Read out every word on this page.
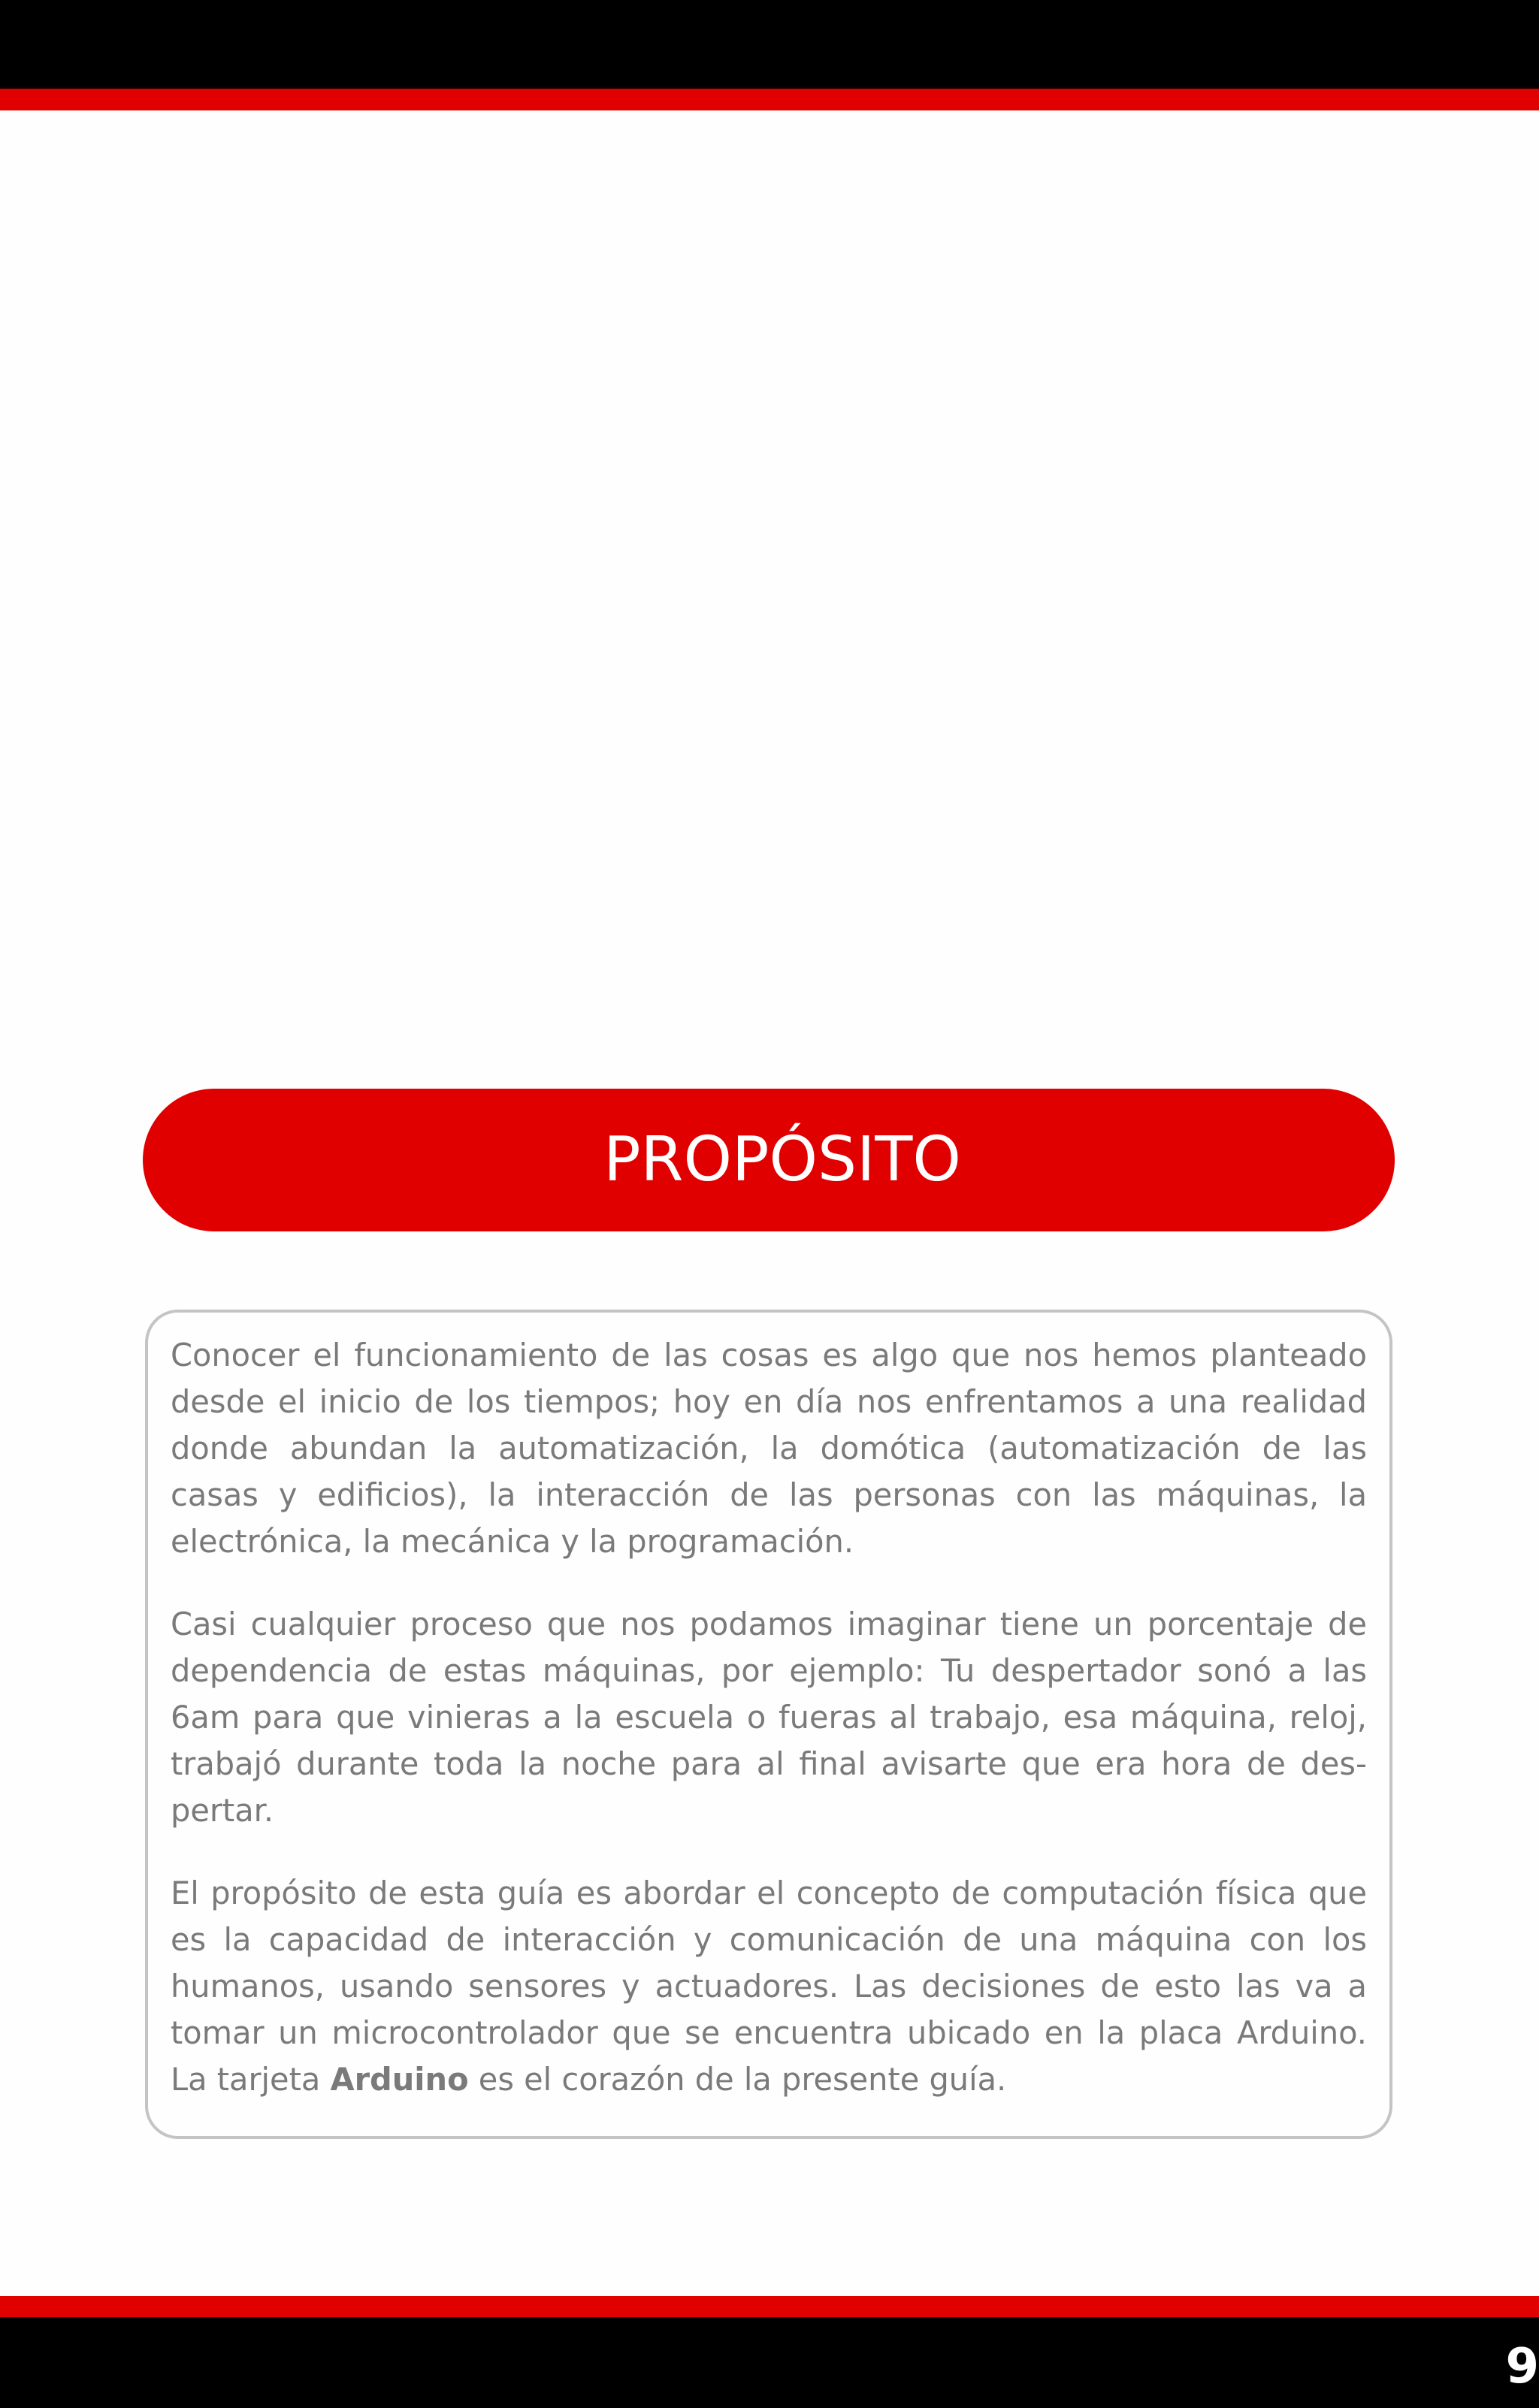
PROPÓSITO

Conocer el funcionamiento de las cosas es algo que nos hemos planteado desde el inicio de los tiempos; hoy en día nos enfrentamos a una realidad donde abundan la automatización, la domótica (automatización de las casas y edificios), la interacción de las personas con las máquinas, la electrónica, la mecánica y la programación.

Casi cualquier proceso que nos podamos imaginar tiene un porcentaje de dependencia de estas máquinas, por ejemplo: Tu despertador sonó a las 6am para que vinieras a la escuela o fueras al trabajo, esa máquina, reloj, trabajó durante toda la noche para al final avisarte que era hora de des-pertar.

El propósito de esta guía es abordar el concepto de computación física que es la capacidad de interacción y comunicación de una máquina con los humanos, usando sensores y actuadores. Las decisiones de esto las va a tomar un microcontrolador que se encuentra ubicado en la placa Arduino. La tarjeta Arduino es el corazón de la presente guía.

9
